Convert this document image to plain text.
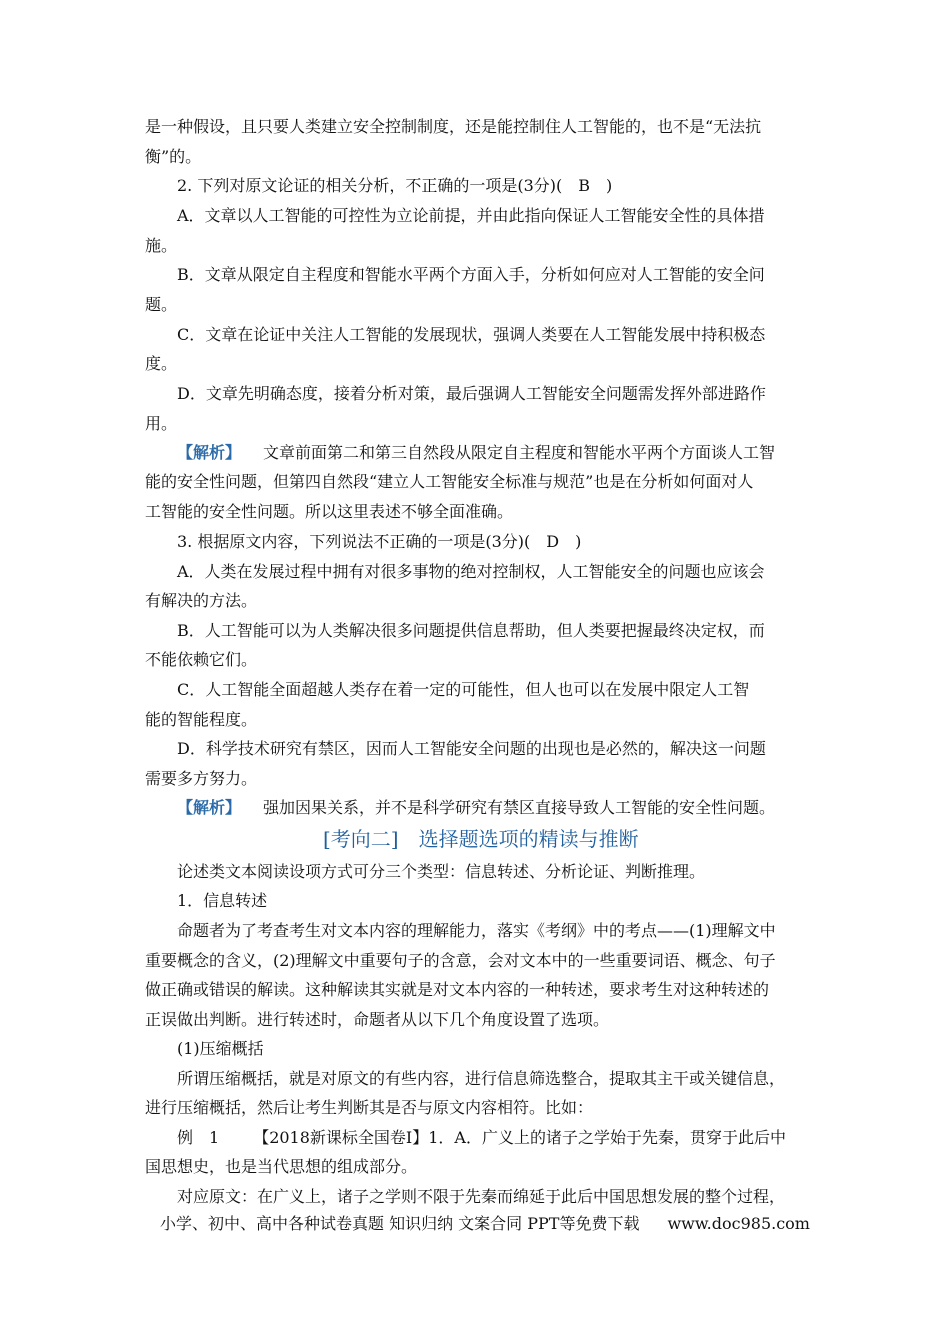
是一种假设，且只要人类建立安全控制制度，还是能控制住人工智能的，也不是“无法抗
衡”的。
2. 下列对原文论证的相关分析，不正确的一项是(3分)(　B　)
A．文章以人工智能的可控性为立论前提，并由此指向保证人工智能安全性的具体措
施。
B．文章从限定自主程度和智能水平两个方面入手，分析如何应对人工智能的安全问
题。
C．文章在论证中关注人工智能的发展现状，强调人类要在人工智能发展中持积极态
度。
D．文章先明确态度，接着分析对策，最后强调人工智能安全问题需发挥外部进路作
用。
【解析】 文章前面第二和第三自然段从限定自主程度和智能水平两个方面谈人工智
能的安全性问题，但第四自然段“建立人工智能安全标准与规范”也是在分析如何面对人
工智能的安全性问题。所以这里表述不够全面准确。
3. 根据原文内容，下列说法不正确的一项是(3分)(　D　)
A．人类在发展过程中拥有对很多事物的绝对控制权，人工智能安全的问题也应该会
有解决的方法。
B．人工智能可以为人类解决很多问题提供信息帮助，但人类要把握最终决定权，而
不能依赖它们。
C．人工智能全面超越人类存在着一定的可能性，但人也可以在发展中限定人工智
能的智能程度。
D．科学技术研究有禁区，因而人工智能安全问题的出现也是必然的，解决这一问题
需要多方努力。
【解析】 强加因果关系，并不是科学研究有禁区直接导致人工智能的安全性问题。
[考向二]　选择题选项的精读与推断
论述类文本阅读设项方式可分三个类型：信息转述、分析论证、判断推理。
1．信息转述
命题者为了考查考生对文本内容的理解能力，落实《考纲》中的考点——(1)理解文中
重要概念的含义，(2)理解文中重要句子的含意，会对文本中的一些重要词语、概念、句子
做正确或错误的解读。这种解读其实就是对文本内容的一种转述，要求考生对这种转述的
正误做出判断。进行转述时，命题者从以下几个角度设置了选项。
(1)压缩概括
所谓压缩概括，就是对原文的有些内容，进行信息筛选整合，提取其主干或关键信息，
进行压缩概括，然后让考生判断其是否与原文内容相符。比如：
例　1 【2018新课标全国卷Ⅰ】1．A．广义上的诸子之学始于先秦，贯穿于此后中
国思想史，也是当代思想的组成部分。
对应原文：在广义上，诸子之学则不限于先秦而绵延于此后中国思想发展的整个过程，
小学、初中、高中各种试卷真题 知识归纳 文案合同 PPT等免费下载 www.doc985.com
